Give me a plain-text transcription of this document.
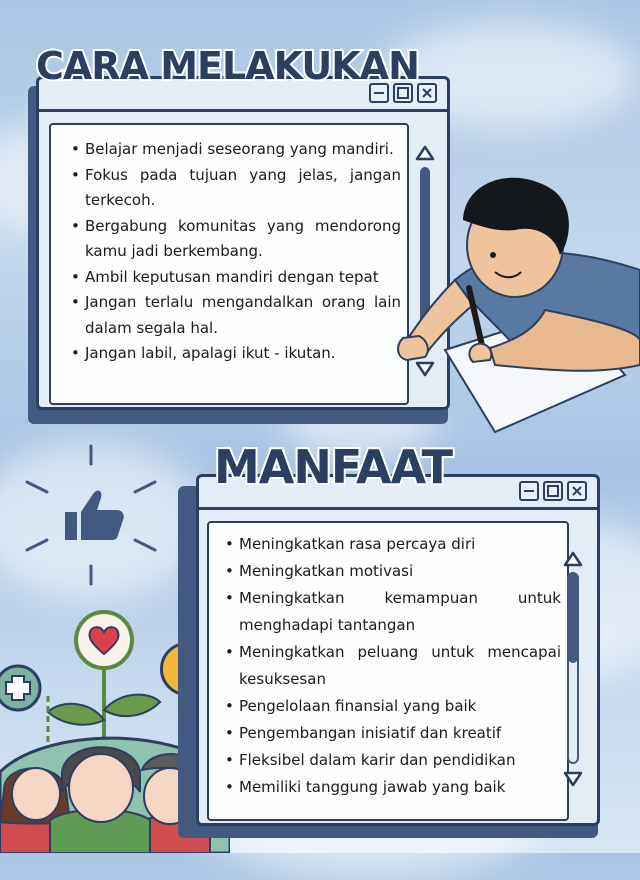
• Belajar menjadi seseorang yang mandiri.
• Fokus pada tujuan yang jelas, jangan terkecoh.
• Bergabung komunitas yang mendorong kamu jadi berkembang.
• Ambil keputusan mandiri dengan tepat
• Jangan terlalu mengandalkan orang lain dalam segala hal.
• Jangan labil, apalagi ikut - ikutan.
CARA MELAKUKAN
• Meningkatkan rasa percaya diri
• Meningkatkan motivasi
• Meningkatkan kemampuan untuk menghadapi tantangan
• Meningkatkan peluang untuk mencapai kesuksesan
• Pengelolaan finansial yang baik
• Pengembangan inisiatif dan kreatif
• Fleksibel dalam karir dan pendidikan
• Memiliki tanggung jawab yang baik
MANFAAT
